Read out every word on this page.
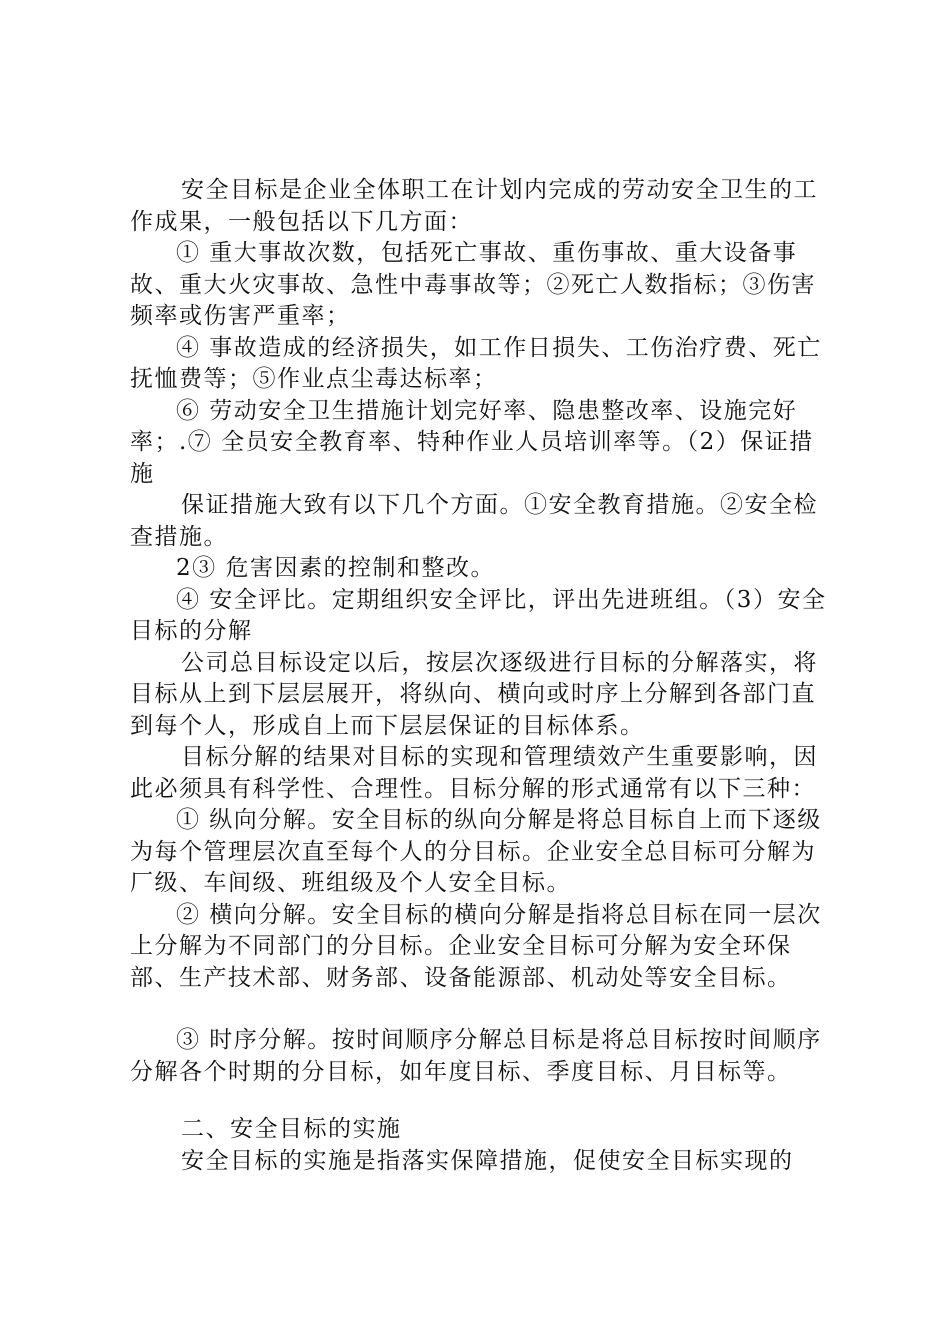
安全目标是企业全体职工在计划内完成的劳动安全卫生的工作成果，一般包括以下几方面：

① 重大事故次数，包括死亡事故、重伤事故、重大设备事故、重大火灾事故、急性中毒事故等；②死亡人数指标；③伤害频率或伤害严重率；

④ 事故造成的经济损失，如工作日损失、工伤治疗费、死亡抚恤费等；⑤作业点尘毒达标率；

⑥ 劳动安全卫生措施计划完好率、隐患整改率、设施完好率；.⑦ 全员安全教育率、特种作业人员培训率等。（2）保证措施

保证措施大致有以下几个方面。①安全教育措施。②安全检查措施。

2③ 危害因素的控制和整改。

④ 安全评比。定期组织安全评比，评出先进班组。（3）安全目标的分解

公司总目标设定以后，按层次逐级进行目标的分解落实，将目标从上到下层层展开，将纵向、横向或时序上分解到各部门直到每个人，形成自上而下层层保证的目标体系。

目标分解的结果对目标的实现和管理绩效产生重要影响，因此必须具有科学性、合理性。目标分解的形式通常有以下三种：

① 纵向分解。安全目标的纵向分解是将总目标自上而下逐级为每个管理层次直至每个人的分目标。企业安全总目标可分解为厂级、车间级、班组级及个人安全目标。

② 横向分解。安全目标的横向分解是指将总目标在同一层次上分解为不同部门的分目标。企业安全目标可分解为安全环保部、生产技术部、财务部、设备能源部、机动处等安全目标。

③ 时序分解。按时间顺序分解总目标是将总目标按时间顺序分解各个时期的分目标，如年度目标、季度目标、月目标等。

二、安全目标的实施

安全目标的实施是指落实保障措施，促使安全目标实现的
